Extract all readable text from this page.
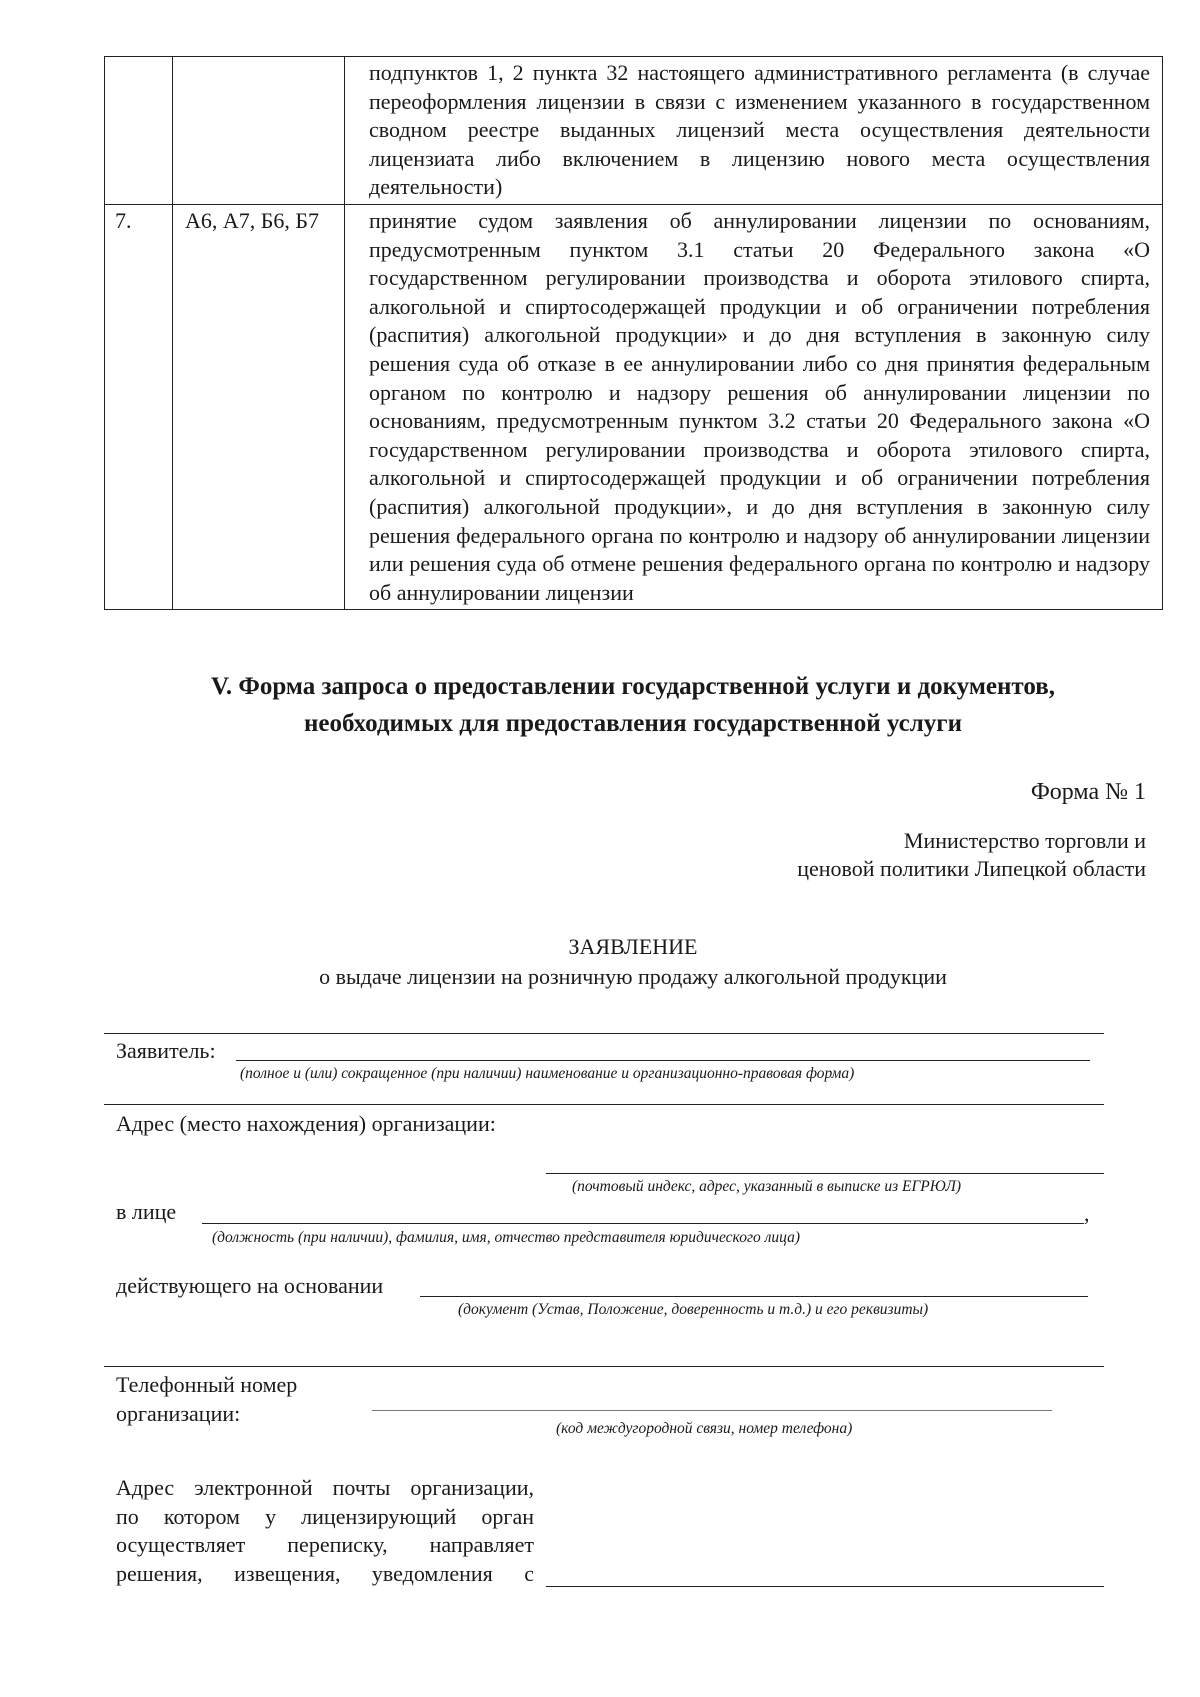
		подпунктов 1, 2 пункта 32 настоящего административного регламента (в случае переоформления лицензии в связи с изменением указанного в государственном сводном реестре выданных лицензий места осуществления деятельности лицензиата либо включением в лицензию нового места осуществления деятельности)
7.	А6, А7, Б6, Б7	принятие судом заявления об аннулировании лицензии по основаниям, предусмотренным пунктом 3.1 статьи 20 Федерального закона «О государственном регулировании производства и оборота этилового спирта, алкогольной и спиртосодержащей продукции и об ограничении потребления (распития) алкогольной продукции» и до дня вступления в законную силу решения суда об отказе в ее аннулировании либо со дня принятия федеральным органом по контролю и надзору решения об аннулировании лицензии по основаниям, предусмотренным пунктом 3.2 статьи 20 Федерального закона «О государственном регулировании производства и оборота этилового спирта, алкогольной и спиртосодержащей продукции и об ограничении потребления (распития) алкогольной продукции», и до дня вступления в законную силу решения федерального органа по контролю и надзору об аннулировании лицензии или решения суда об отмене решения федерального органа по контролю и надзору об аннулировании лицензии
V. Форма запроса о предоставлении государственной услуги и документов,
необходимых для предоставления государственной услуги
Форма № 1
Министерство торговли и
ценовой политики Липецкой области
ЗАЯВЛЕНИЕ
о выдаче лицензии на розничную продажу алкогольной продукции
Заявитель:
(полное и (или) сокращенное (при наличии) наименование и организационно-правовая форма)
Адрес (место нахождения) организации:
(почтовый индекс, адрес, указанный в выписке из ЕГРЮЛ)
в лице	,
(должность (при наличии), фамилия, имя, отчество представителя юридического лица)
действующего на основании
(документ (Устав, Положение, доверенность и т.д.) и его реквизиты)
Телефонный номер
организации:
(код междугородной связи, номер телефона)
Адрес электронной почты организации,
по котором у лицензирующий орган
осуществляет переписку, направляет
решения, извещения, уведомления с
